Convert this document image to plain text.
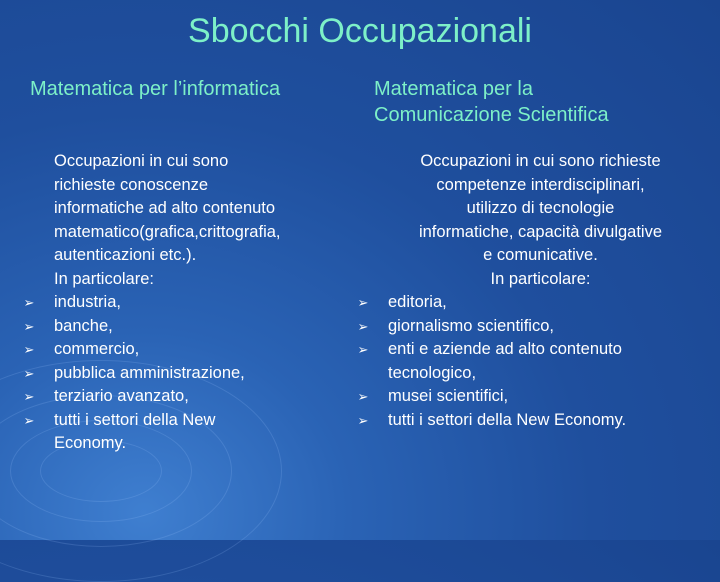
Sbocchi Occupazionali
Matematica per l’informatica	Matematica per la
Comunicazione Scientifica
Occupazioni in cui sono
richieste conoscenze
informatiche ad alto contenuto
matematico(grafica,crittografia,
autenticazioni etc.).
In particolare:
➢ industria,
➢ banche,
➢ commercio,
➢ pubblica amministrazione,
➢ terziario avanzato,
➢ tutti i settori della New Economy.
Occupazioni in cui sono richieste
competenze interdisciplinari,
utilizzo di tecnologie
informatiche, capacità divulgative
e comunicative.
In particolare:
➢ editoria,
➢ giornalismo scientifico,
➢ enti e aziende ad alto contenuto tecnologico,
➢ musei scientifici,
➢ tutti i settori della New Economy.
